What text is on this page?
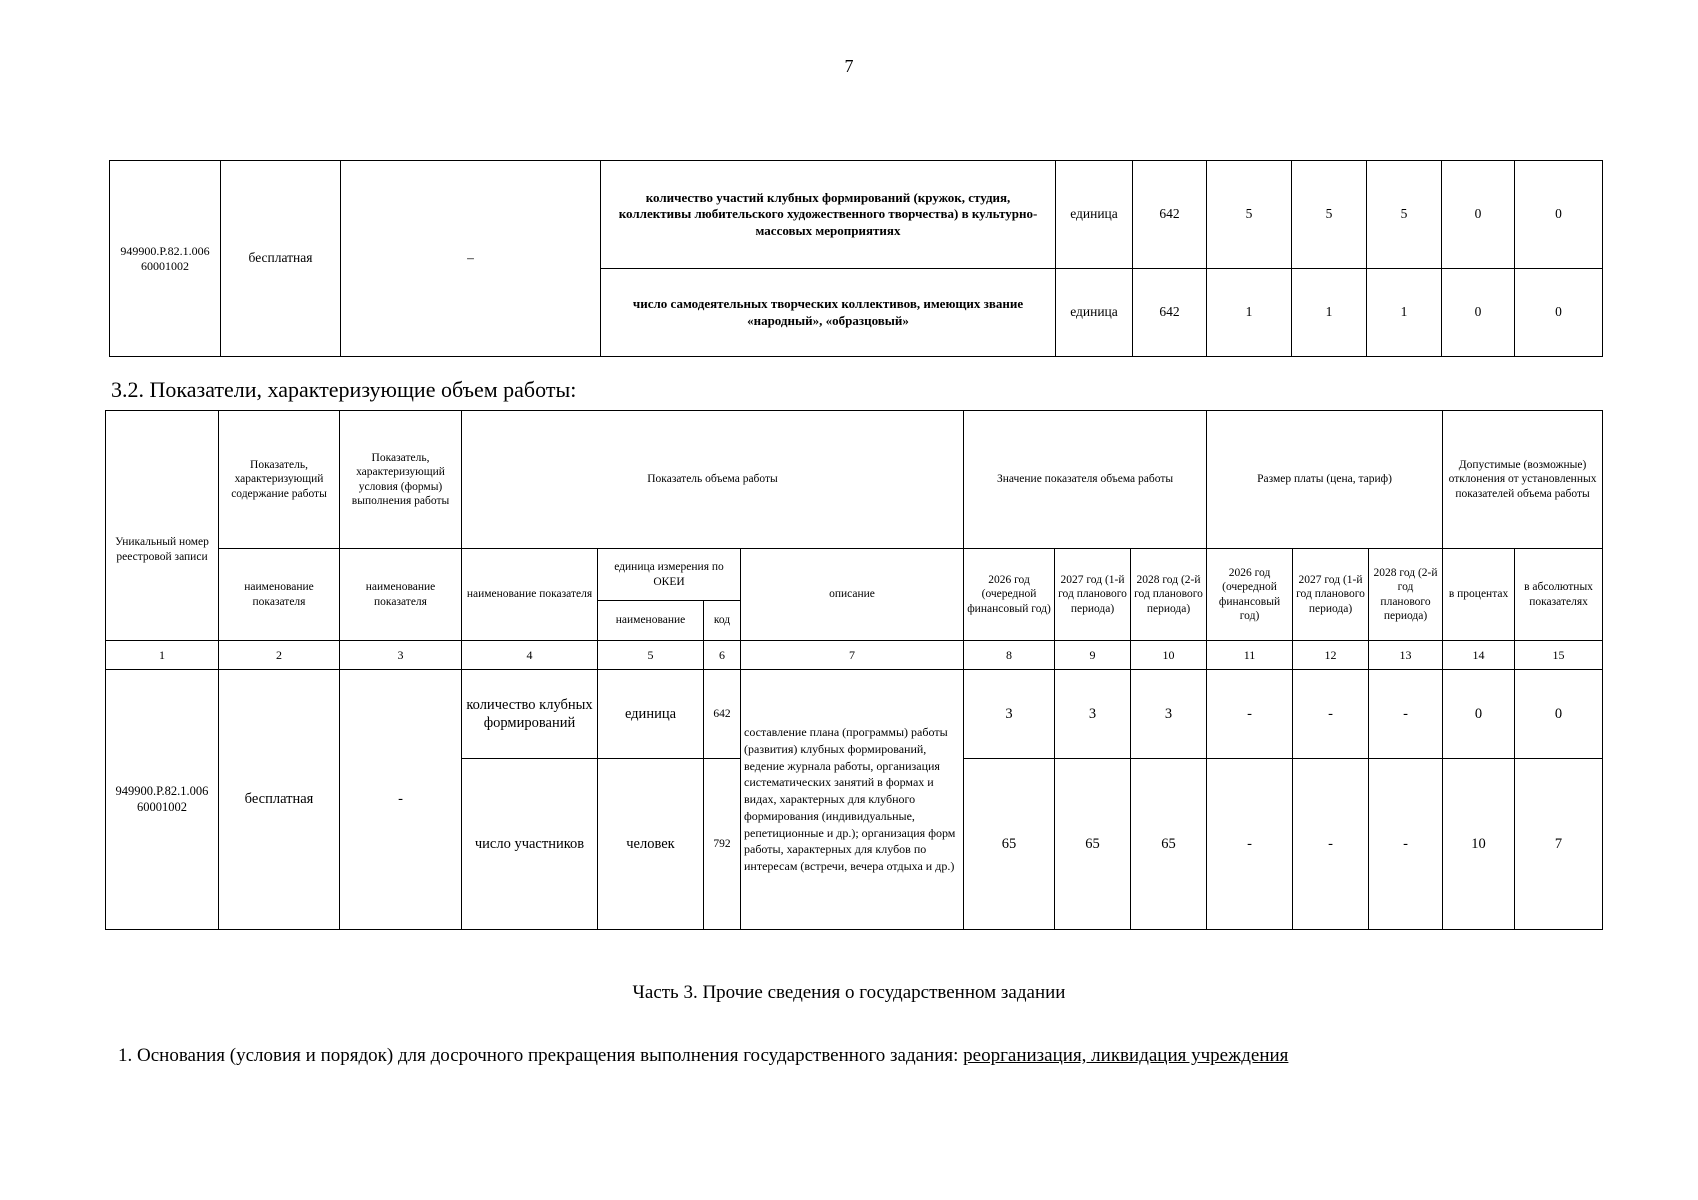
7
949900.Р.82.1.006 60001002	бесплатная	–	количество участий клубных формирований (кружок, студия, коллективы любительского художественного творчества) в культурно-массовых мероприятиях	единица	642	5	5	5	0	0
			число самодеятельных творческих коллективов, имеющих звание «народный», «образцовый»	единица	642	1	1	1	0	0
3.2. Показатели, характеризующие объем работы:
Уникальный номер реестровой записи	Показатель, характеризующий содержание работы	Показатель, характеризующий условия (формы) выполнения работы	Показатель объема работы				Значение показателя объема работы			Размер платы (цена, тариф)			Допустимые (возможные) отклонения от установленных показателей объема работы	
	наименование показателя	наименование показателя	наименование показателя	единица измерения по ОКЕИ		описание	2026 год (очередной финансовый год)	2027 год (1-й год планового периода)	2028 год (2-й год планового периода)	2026 год (очередной финансовый год)	2027 год (1-й год планового периода)	2028 год (2-й год планового периода)	в процентах	в абсолютных показателях
				наименование	код									
1	2	3	4	5	6	7	8	9	10	11	12	13	14	15
949900.Р.82.1.006 60001002	бесплатная	-	количество клубных формирований	единица	642	составление плана (программы) работы (развития) клубных формирований, ведение журнала работы, организация систематических занятий в формах и видах, характерных для клубного формирования (индивидуальные, репетиционные и др.); организация форм работы, характерных для клубов по интересам (встречи, вечера отдыха и др.)	3	3	3	-	-	-	0	0
			число участников	человек	792		65	65	65	-	-	-	10	7
Часть 3. Прочие сведения о государственном задании
1. Основания (условия и порядок) для досрочного прекращения выполнения государственного задания: реорганизация, ликвидация учреждения
